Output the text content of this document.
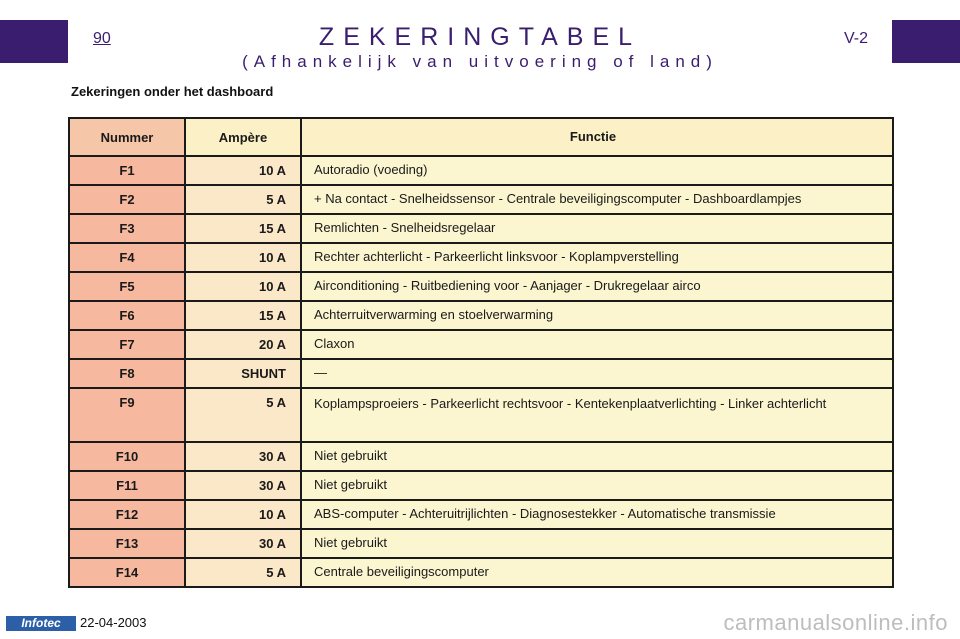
90	V-2
ZEKERINGTABEL
(Afhankelijk van uitvoering of land)
Zekeringen onder het dashboard
Nummer	Ampère	Functie
F1	10 A	Autoradio (voeding)
F2	5 A	+ Na contact - Snelheidssensor - Centrale beveiligingscomputer - Dashboardlampjes
F3	15 A	Remlichten - Snelheidsregelaar
F4	10 A	Rechter achterlicht - Parkeerlicht linksvoor - Koplampverstelling
F5	10 A	Airconditioning - Ruitbediening voor - Aanjager - Drukregelaar airco
F6	15 A	Achterruitverwarming en stoelverwarming
F7	20 A	Claxon
F8	SHUNT	—
F9	5 A	Koplampsproeiers - Parkeerlicht rechtsvoor - Kentekenplaatverlichting - Linker achterlicht
F10	30 A	Niet gebruikt
F11	30 A	Niet gebruikt
F12	10 A	ABS-computer - Achteruitrijlichten - Diagnosestekker - Automatische transmissie
F13	30 A	Niet gebruikt
F14	5 A	Centrale beveiligingscomputer
Infotec	22-04-2003	carmanualsonline.info
